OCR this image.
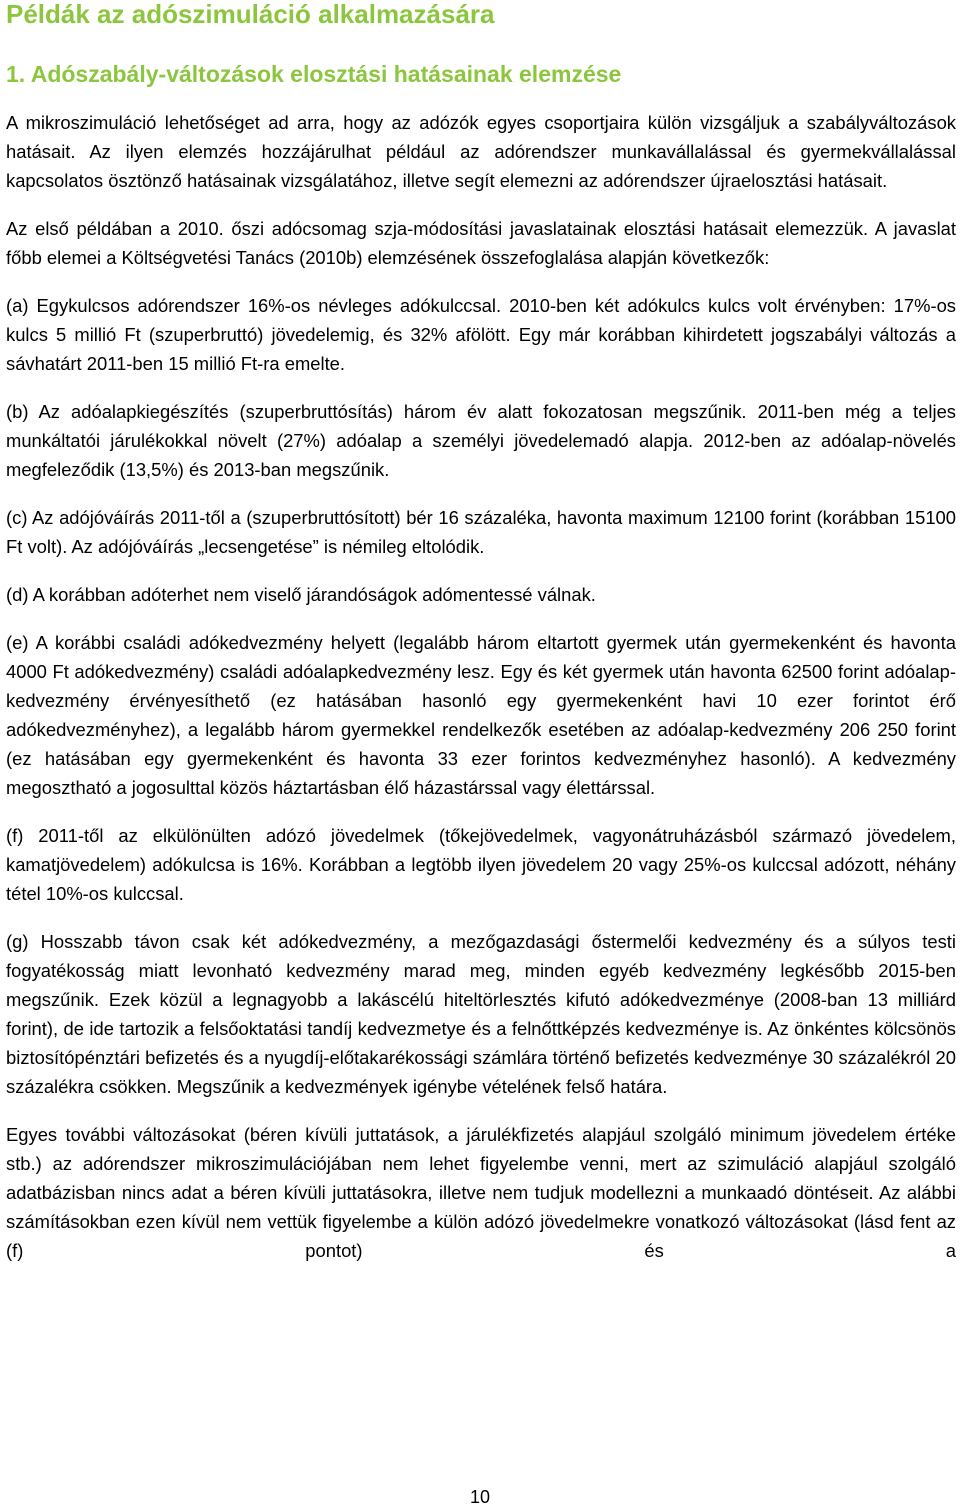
Példák az adószimuláció alkalmazására
1. Adószabály-változások elosztási hatásainak elemzése

A mikroszimuláció lehetőséget ad arra, hogy az adózók egyes csoportjaira külön vizsgáljuk a szabályváltozások hatásait. Az ilyen elemzés hozzájárulhat például az adórendszer munkavállalással és gyermekvállalással kapcsolatos ösztönző hatásainak vizsgálatához, illetve segít elemezni az adórendszer újraelosztási hatásait.

Az első példában a 2010. őszi adócsomag szja-módosítási javaslatainak elosztási hatásait elemezzük. A javaslat főbb elemei a Költségvetési Tanács (2010b) elemzésének összefoglalása alapján következők:

(a) Egykulcsos adórendszer 16%-os névleges adókulccsal. 2010-ben két adókulcs kulcs volt érvényben: 17%-os kulcs 5 millió Ft (szuperbruttó) jövedelemig, és 32% afölött. Egy már korábban kihirdetett jogszabályi változás a sávhatárt 2011-ben 15 millió Ft-ra emelte.

(b) Az adóalapkiegészítés (szuperbruttósítás) három év alatt fokozatosan megszűnik. 2011-ben még a teljes munkáltatói járulékokkal növelt (27%) adóalap a személyi jövedelemadó alapja. 2012-ben az adóalap-növelés megfeleződik (13,5%) és 2013-ban megszűnik.

(c) Az adójóváírás 2011-től a (szuperbruttósított) bér 16 százaléka, havonta maximum 12100 forint (korábban 15100 Ft volt). Az adójóváírás „lecsengetése” is némileg eltolódik.

(d) A korábban adóterhet nem viselő járandóságok adómentessé válnak.

(e) A korábbi családi adókedvezmény helyett (legalább három eltartott gyermek után gyermekenként és havonta 4000 Ft adókedvezmény) családi adóalapkedvezmény lesz. Egy és két gyermek után havonta 62500 forint adóalap-kedvezmény érvényesíthető (ez hatásában hasonló egy gyermekenként havi 10 ezer forintot érő adókedvezményhez), a legalább három gyermekkel rendelkezők esetében az adóalap-kedvezmény 206 250 forint (ez hatásában egy gyermekenként és havonta 33 ezer forintos kedvezményhez hasonló). A kedvezmény megosztható a jogosulttal közös háztartásban élő házastárssal vagy élettárssal.

(f) 2011-től az elkülönülten adózó jövedelmek (tőkejövedelmek, vagyonátruházásból származó jövedelem, kamatjövedelem) adókulcsa is 16%. Korábban a legtöbb ilyen jövedelem 20 vagy 25%-os kulccsal adózott, néhány tétel 10%-os kulccsal.

(g) Hosszabb távon csak két adókedvezmény, a mezőgazdasági őstermelői kedvezmény és a súlyos testi fogyatékosság miatt levonható kedvezmény marad meg, minden egyéb kedvezmény legkésőbb 2015-ben megszűnik. Ezek közül a legnagyobb a lakáscélú hiteltörlesztés kifutó adókedvezménye (2008-ban 13 milliárd forint), de ide tartozik a felsőoktatási tandíj kedvezmetye és a felnőttképzés kedvezménye is. Az önkéntes kölcsönös biztosítópénztári befizetés és a nyugdíj-előtakarékossági számlára történő befizetés kedvezménye 30 százalékról 20 százalékra csökken. Megszűnik a kedvezmények igénybe vételének felső határa.

Egyes további változásokat (béren kívüli juttatások, a járulékfizetés alapjául szolgáló minimum jövedelem értéke stb.) az adórendszer mikroszimulációjában nem lehet figyelembe venni, mert az szimuláció alapjául szolgáló adatbázisban nincs adat a béren kívüli juttatásokra, illetve nem tudjuk modellezni a munkaadó döntéseit. Az alábbi számításokban ezen kívül nem vettük figyelembe a külön adózó jövedelmekre vonatkozó változásokat (lásd fent az (f) pontot) és a

10
